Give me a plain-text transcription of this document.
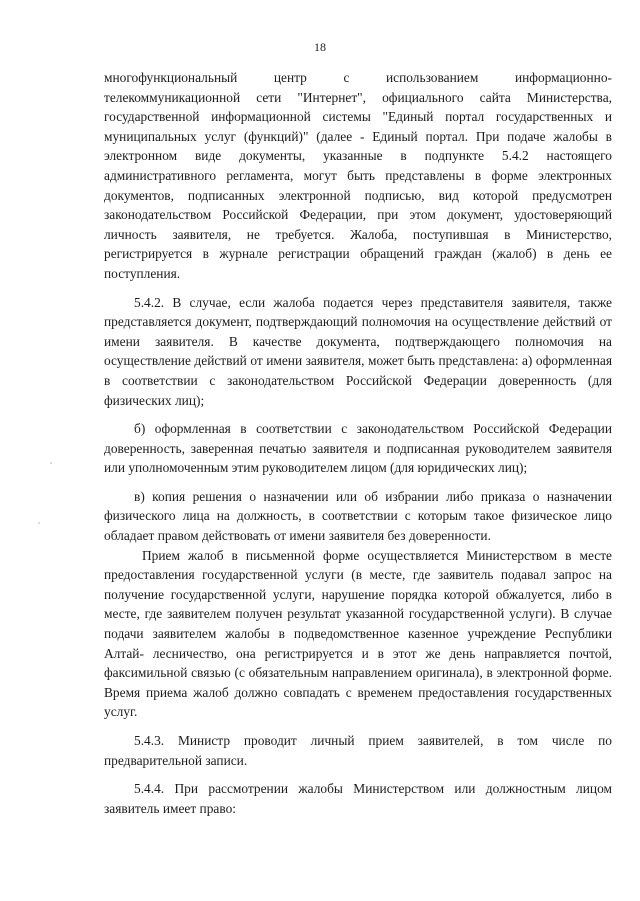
18

многофункциональный центр с использованием информационно-телекоммуникационной сети "Интернет", официального сайта Министерства, государственной информационной системы "Единый портал государственных и муниципальных услуг (функций)" (далее - Единый портал. При подаче жалобы в электронном виде документы, указанные в подпункте 5.4.2 настоящего административного регламента, могут быть представлены в форме электронных документов, подписанных электронной подписью, вид которой предусмотрен законодательством Российской Федерации, при этом документ, удостоверяющий личность заявителя, не требуется. Жалоба, поступившая в Министерство, регистрируется в журнале регистрации обращений граждан (жалоб) в день ее поступления.

5.4.2. В случае, если жалоба подается через представителя заявителя, также представляется документ, подтверждающий полномочия на осуществление действий от имени заявителя. В качестве документа, подтверждающего полномочия на осуществление действий от имени заявителя, может быть представлена: а) оформленная в соответствии с законодательством Российской Федерации доверенность (для физических лиц);

б) оформленная в соответствии с законодательством Российской Федерации доверенность, заверенная печатью заявителя и подписанная руководителем заявителя или уполномоченным этим руководителем лицом (для юридических лиц);

в) копия решения о назначении или об избрании либо приказа о назначении физического лица на должность, в соответствии с которым такое физическое лицо обладает правом действовать от имени заявителя без доверенности.

Прием жалоб в письменной форме осуществляется Министерством в месте предоставления государственной услуги (в месте, где заявитель подавал запрос на получение государственной услуги, нарушение порядка которой обжалуется, либо в месте, где заявителем получен результат указанной государственной услуги). В случае подачи заявителем жалобы в подведомственное казенное учреждение Республики Алтай- лесничество, она регистрируется и в этот же день направляется почтой, факсимильной связью (с обязательным направлением оригинала), в электронной форме. Время приема жалоб должно совпадать с временем предоставления государственных услуг.

5.4.3. Министр проводит личный прием заявителей, в том числе по предварительной записи.

5.4.4. При рассмотрении жалобы Министерством или должностным лицом заявитель имеет право:
